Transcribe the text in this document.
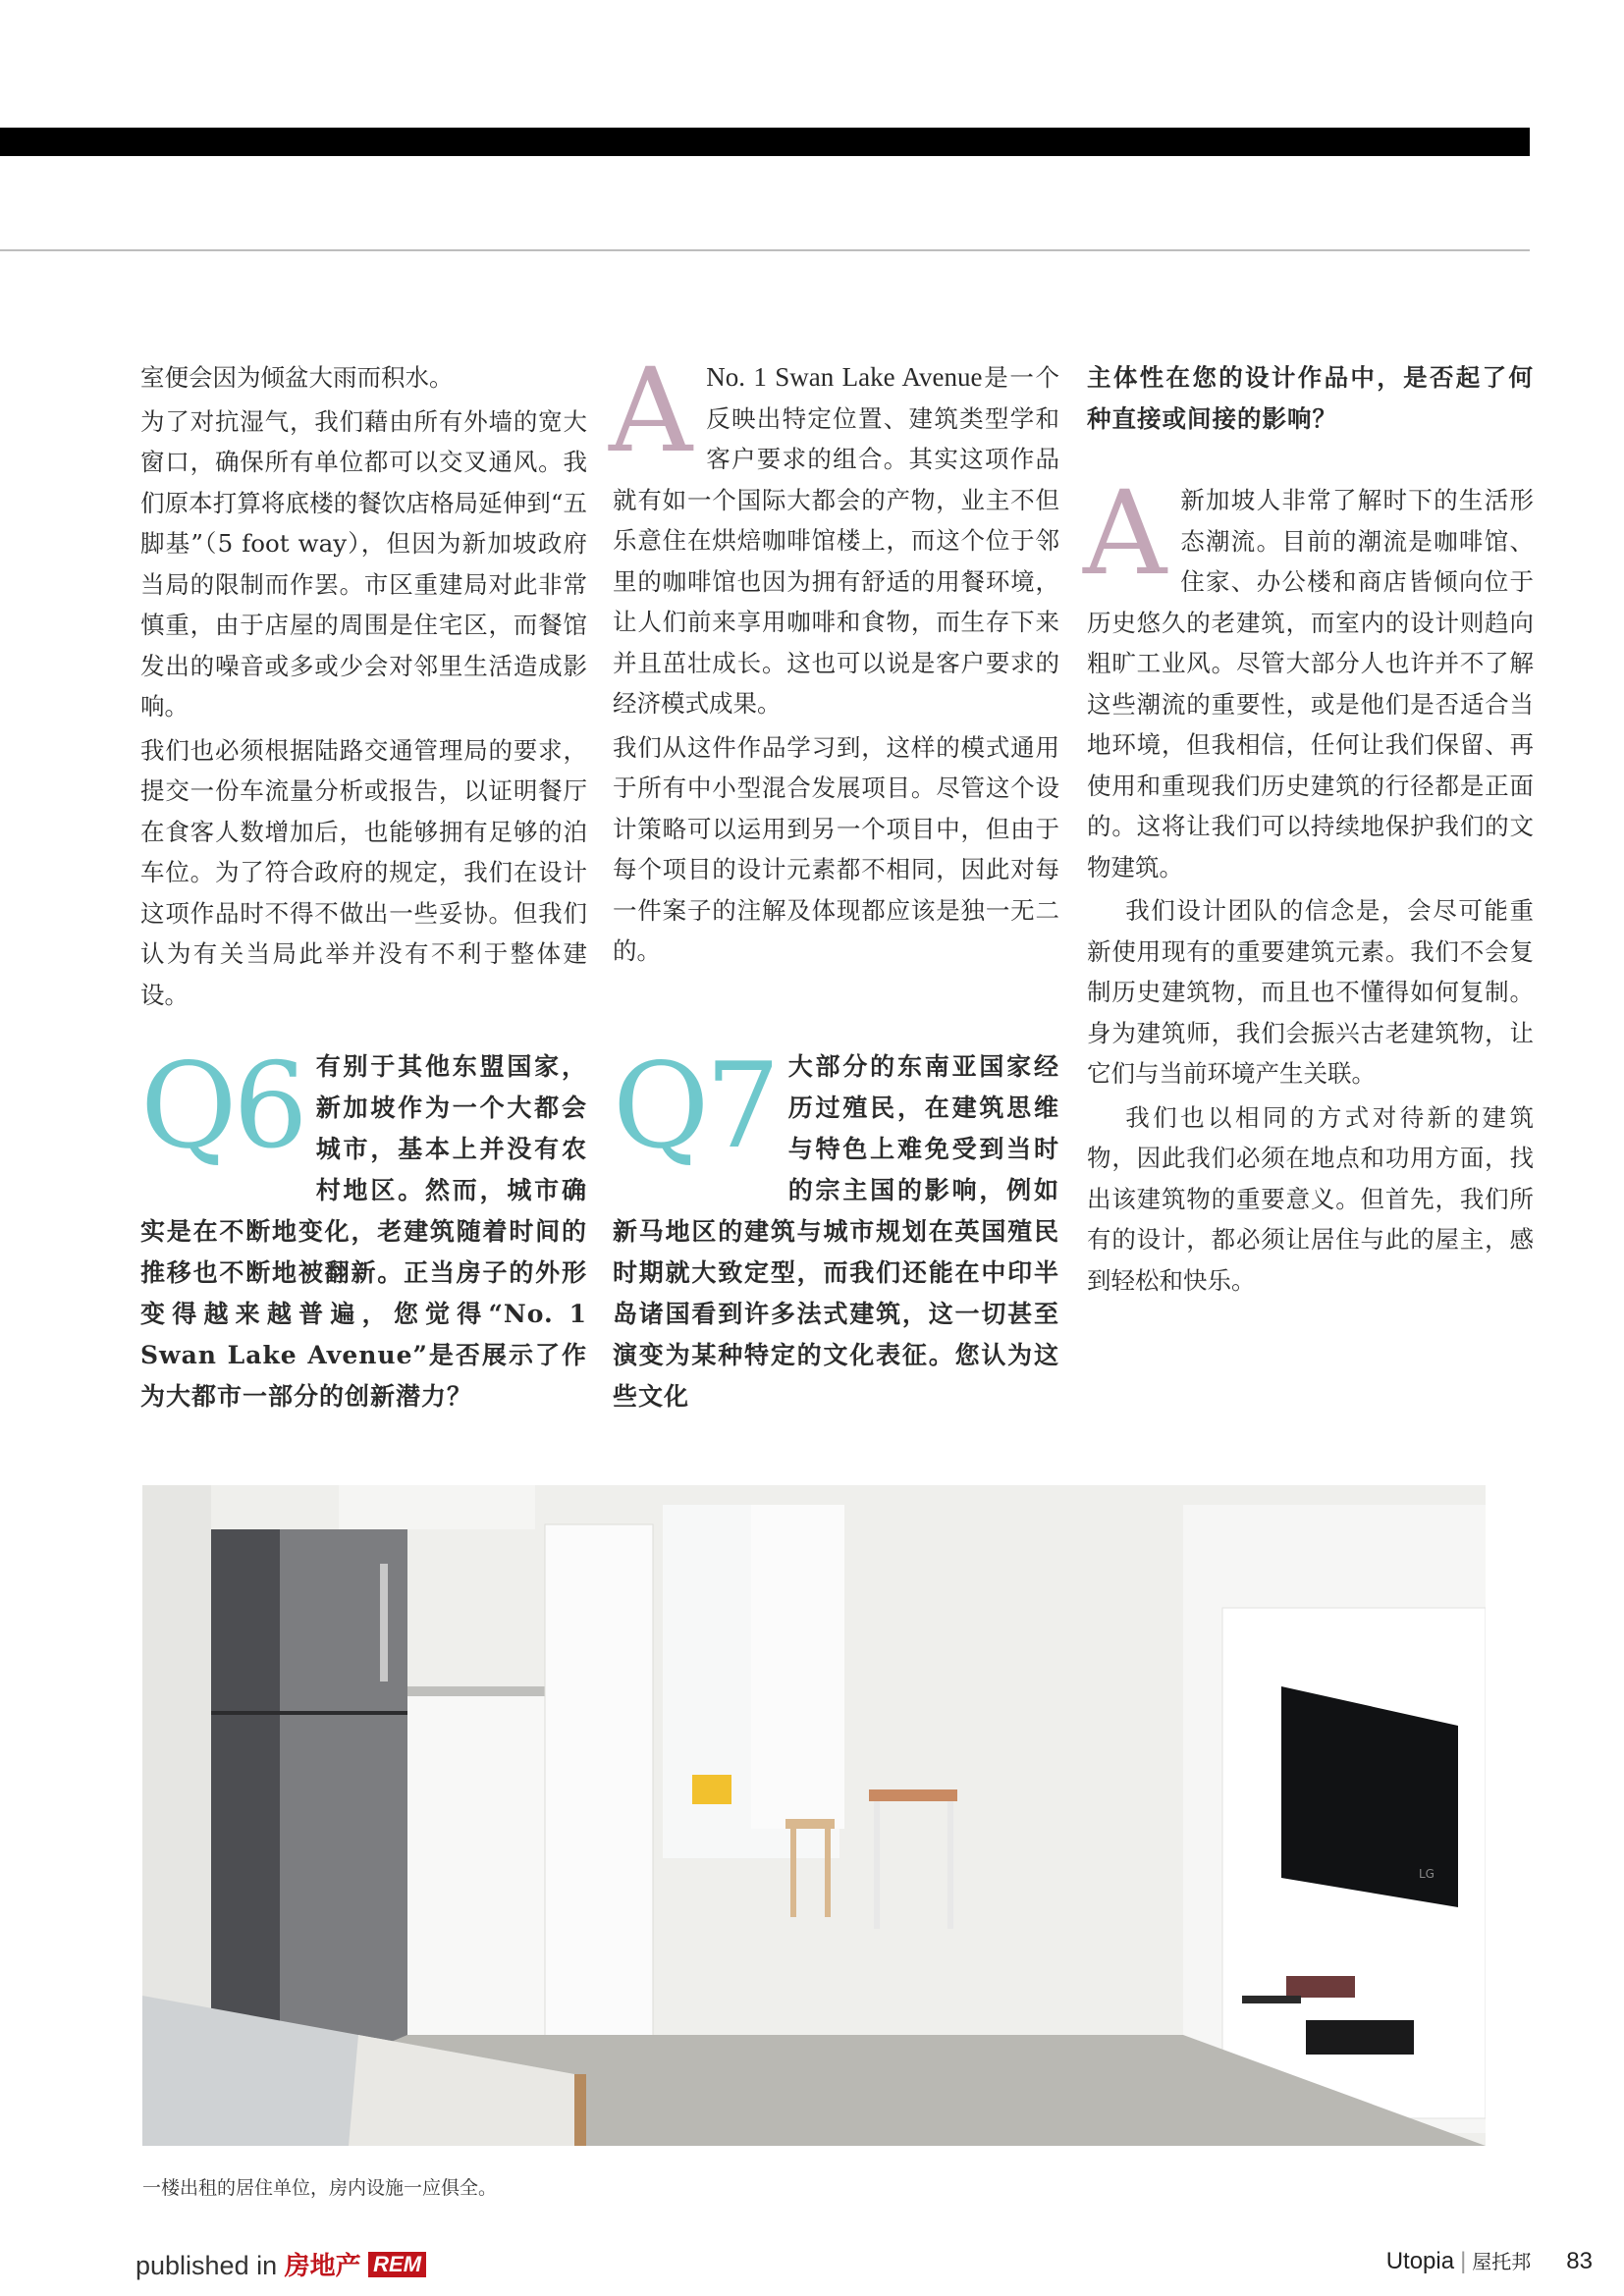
室便会因为倾盆大雨而积水。

为了对抗湿气，我们藉由所有外墙的宽大窗口，确保所有单位都可以交叉通风。我们原本打算将底楼的餐饮店格局延伸到“五脚基”（5 foot way），但因为新加坡政府当局的限制而作罢。市区重建局对此非常慎重，由于店屋的周围是住宅区，而餐馆发出的噪音或多或少会对邻里生活造成影响。

我们也必须根据陆路交通管理局的要求，提交一份车流量分析或报告，以证明餐厅在食客人数增加后，也能够拥有足够的泊车位。为了符合政府的规定，我们在设计这项作品时不得不做出一些妥协。但我们认为有关当局此举并没有不利于整体建设。

Q6 有别于其他东盟国家，新加坡作为一个大都会城市，基本上并没有农村地区。然而，城市确实是在不断地变化，老建筑随着时间的推移也不断地被翻新。正当房子的外形变得越来越普遍，您觉得“No. 1 Swan Lake Avenue”是否展示了作为大都市一部分的创新潜力？

A No. 1 Swan Lake Avenue是一个反映出特定位置、建筑类型学和客户要求的组合。其实这项作品就有如一个国际大都会的产物，业主不但乐意住在烘焙咖啡馆楼上，而这个位于邻里的咖啡馆也因为拥有舒适的用餐环境，让人们前来享用咖啡和食物，而生存下来并且茁壮成长。这也可以说是客户要求的经济模式成果。

我们从这件作品学习到，这样的模式通用于所有中小型混合发展项目。尽管这个设计策略可以运用到另一个项目中，但由于每个项目的设计元素都不相同，因此对每一件案子的注解及体现都应该是独一无二的。

Q7 大部分的东南亚国家经历过殖民，在建筑思维与特色上难免受到当时的宗主国的影响，例如新马地区的建筑与城市规划在英国殖民时期就大致定型，而我们还能在中印半岛诸国看到许多法式建筑，这一切甚至演变为某种特定的文化表征。您认为这些文化

主体性在您的设计作品中，是否起了何种直接或间接的影响？

A新加坡人非常了解时下的生活形态潮流。目前的潮流是咖啡馆、住家、办公楼和商店皆倾向位于历史悠久的老建筑，而室内的设计则趋向粗旷工业风。尽管大部分人也许并不了解这些潮流的重要性，或是他们是否适合当地环境，但我相信，任何让我们保留、再使用和重现我们历史建筑的行径都是正面的。这将让我们可以持续地保护我们的文物建筑。

我们设计团队的信念是，会尽可能重新使用现有的重要建筑元素。我们不会复制历史建筑物，而且也不懂得如何复制。身为建筑师，我们会振兴古老建筑物，让它们与当前环境产生关联。

我们也以相同的方式对待新的建筑物，因此我们必须在地点和功用方面，找出该建筑物的重要意义。但首先，我们所有的设计，都必须让居住与此的屋主，感到轻松和快乐。

LG
一楼出租的居住单位，房内设施一应俱全。
published in 房地产 REM	Utopia | 屋托邦 83
